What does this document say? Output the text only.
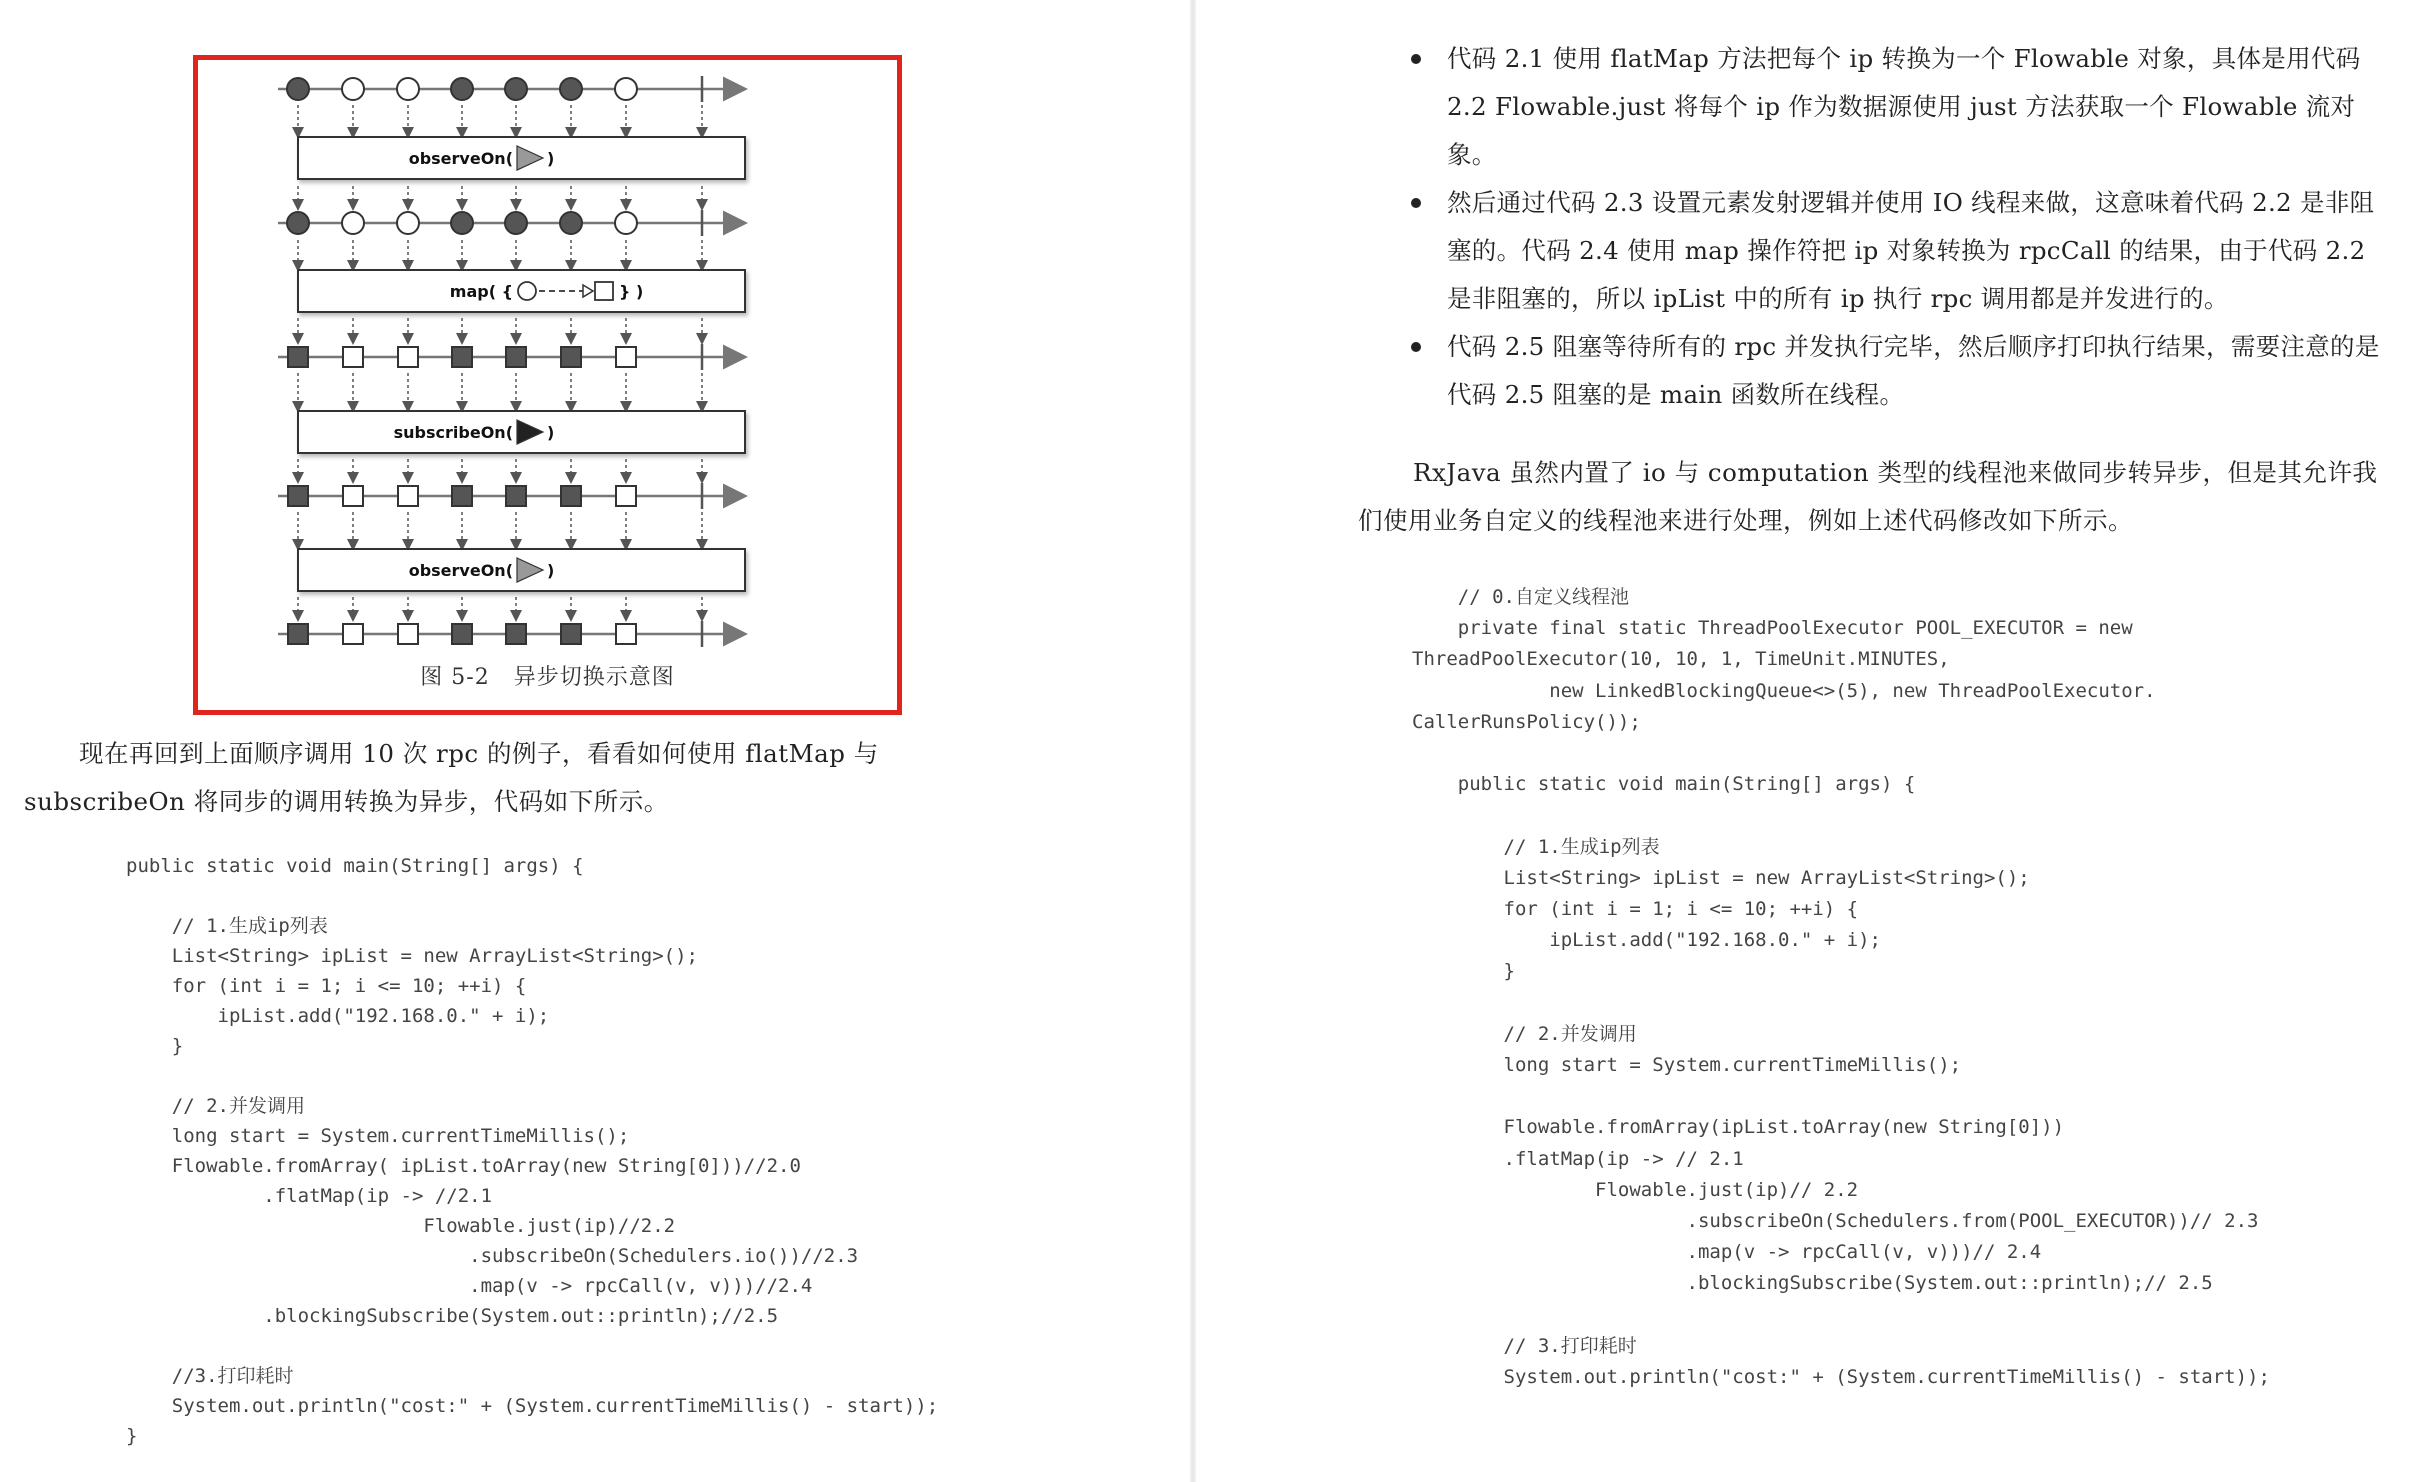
observeOn( )
map( {	} )
subscribeOn( )
observeOn( )
图 5-2 异步切换示意图
现在再回到上面顺序调用 10 次 rpc 的例子，看看如何使用 flatMap 与 subscribeOn 将同步的调用转换为异步，代码如下所示。
public static void main(String[] args) {

// 1.生成ip列表
List<String> ipList = new ArrayList<String>();
for (int i = 1; i <= 10; ++i) {
ipList.add("192.168.0." + i);
}

// 2.并发调用
long start = System.currentTimeMillis();
Flowable.fromArray( ipList.toArray(new String[0]))//2.0
.flatMap(ip -> //2.1
Flowable.just(ip)//2.2
.subscribeOn(Schedulers.io())//2.3
.map(v -> rpcCall(v, v)))//2.4
.blockingSubscribe(System.out::println);//2.5

//3.打印耗时
System.out.println("cost:" + (System.currentTimeMillis() - start));
}
代码 2.1 使用 flatMap 方法把每个 ip 转换为一个 Flowable 对象，具体是用代码 2.2 Flowable.just 将每个 ip 作为数据源使用 just 方法获取一个 Flowable 流对象。
然后通过代码 2.3 设置元素发射逻辑并使用 IO 线程来做，这意味着代码 2.2 是非阻塞的。代码 2.4 使用 map 操作符把 ip 对象转换为 rpcCall 的结果，由于代码 2.2 是非阻塞的，所以 ipList 中的所有 ip 执行 rpc 调用都是并发进行的。
代码 2.5 阻塞等待所有的 rpc 并发执行完毕，然后顺序打印执行结果，需要注意的是代码 2.5 阻塞的是 main 函数所在线程。
RxJava 虽然内置了 io 与 computation 类型的线程池来做同步转异步，但是其允许我们使用业务自定义的线程池来进行处理，例如上述代码修改如下所示。
// 0.自定义线程池
private final static ThreadPoolExecutor POOL_EXECUTOR = new
ThreadPoolExecutor(10, 10, 1, TimeUnit.MINUTES,
new LinkedBlockingQueue<>(5), new ThreadPoolExecutor.
CallerRunsPolicy());

public static void main(String[] args) {

// 1.生成ip列表
List<String> ipList = new ArrayList<String>();
for (int i = 1; i <= 10; ++i) {
ipList.add("192.168.0." + i);
}

// 2.并发调用
long start = System.currentTimeMillis();

Flowable.fromArray(ipList.toArray(new String[0]))
.flatMap(ip -> // 2.1
Flowable.just(ip)// 2.2
.subscribeOn(Schedulers.from(POOL_EXECUTOR))// 2.3
.map(v -> rpcCall(v, v)))// 2.4
.blockingSubscribe(System.out::println);// 2.5

// 3.打印耗时
System.out.println("cost:" + (System.currentTimeMillis() - start));
